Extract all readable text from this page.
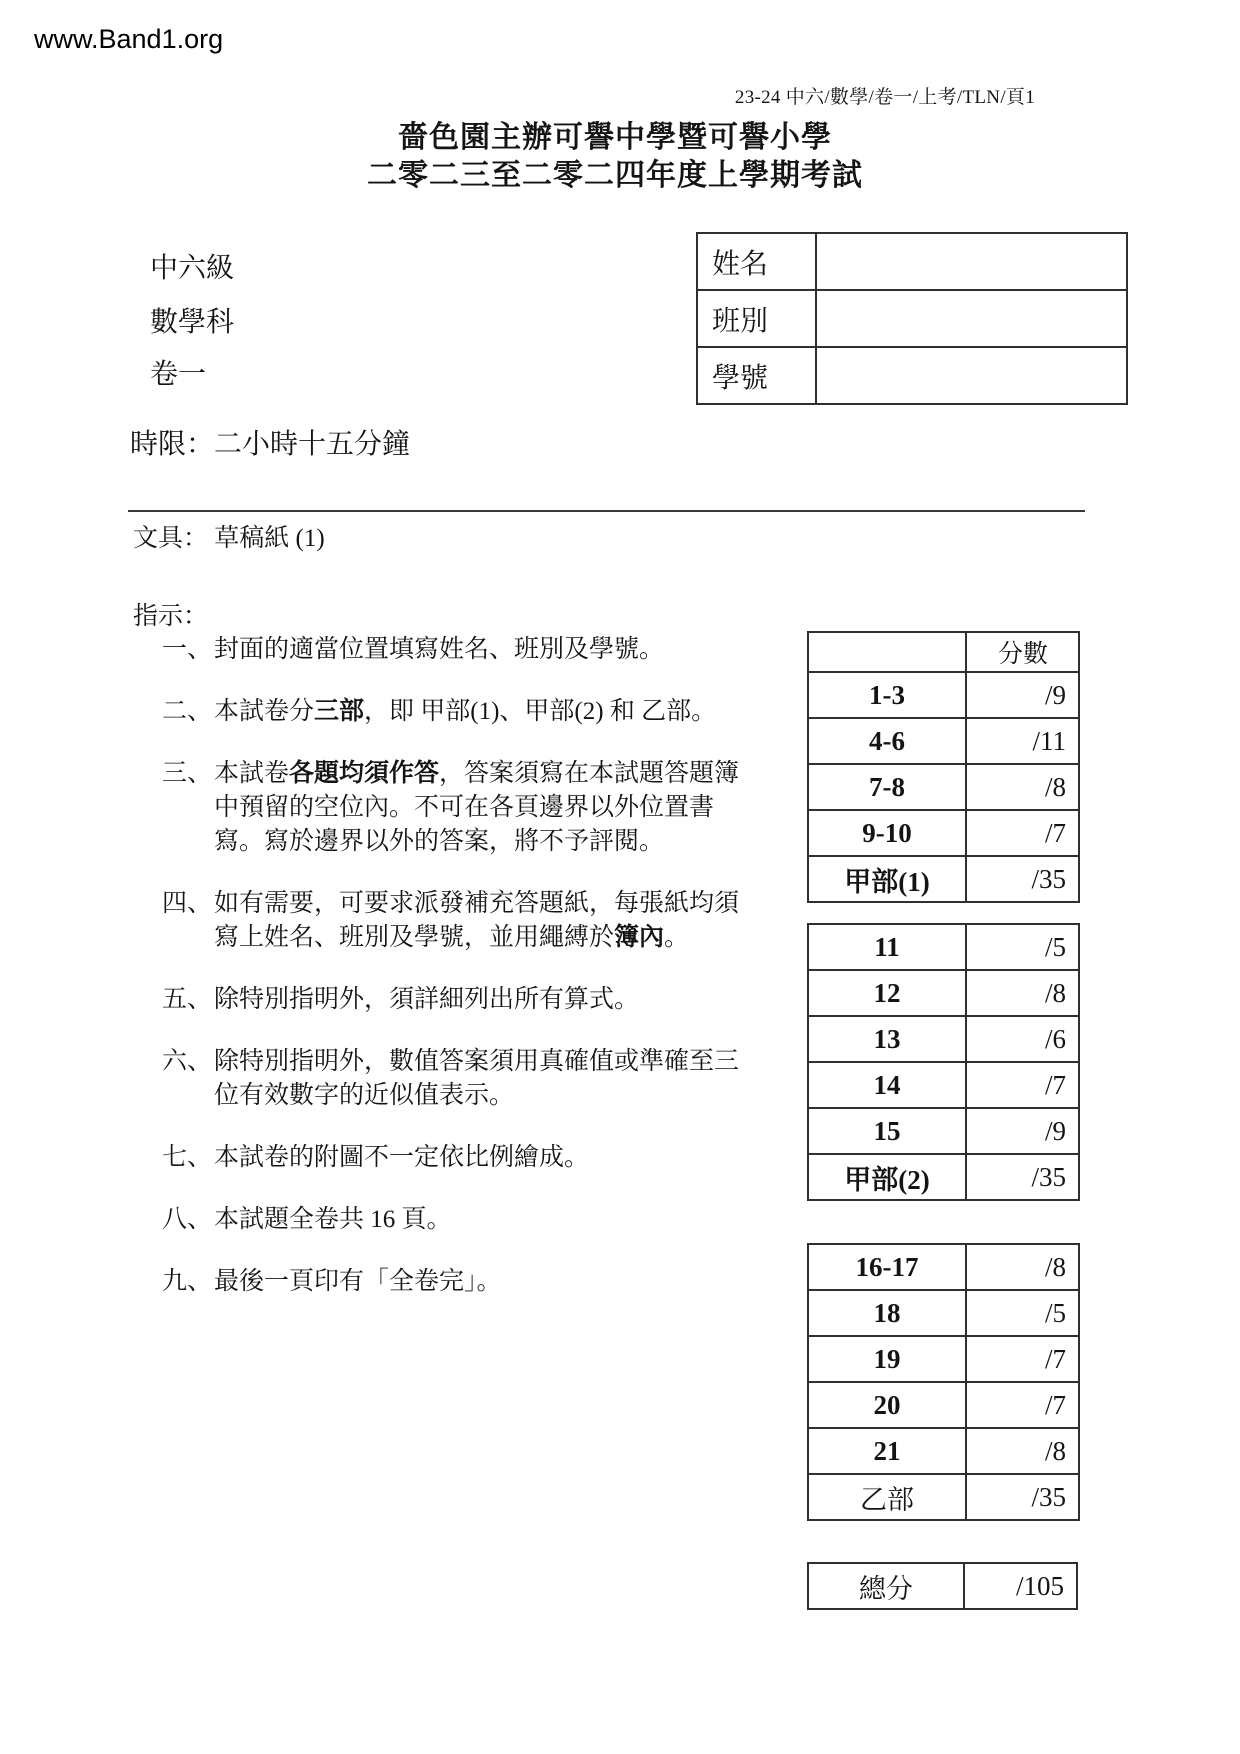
www.Band1.org
23-24 中六/數學/卷一/上考/TLN/頁1
嗇色園主辦可譽中學暨可譽小學
二零二三至二零二四年度上學期考試
中六級
數學科
卷一
姓名	
班別	
學號	
時限：二小時十五分鐘
文具： 草稿紙 (1)
指示：
一、 封面的適當位置填寫姓名、班別及學號。
二、 本試卷分三部，即 甲部(1)、甲部(2) 和 乙部。
三、 本試卷各題均須作答，答案須寫在本試題答題簿
中預留的空位內。不可在各頁邊界以外位置書
寫。寫於邊界以外的答案，將不予評閱。
四、 如有需要，可要求派發補充答題紙，每張紙均須
寫上姓名、班別及學號，並用繩縛於簿內。
五、 除特別指明外，須詳細列出所有算式。
六、 除特別指明外，數值答案須用真確值或準確至三
位有效數字的近似值表示。
七、 本試卷的附圖不一定依比例繪成。
八、 本試題全卷共 16 頁。
九、 最後一頁印有「全卷完」。
	分數
1-3	/9
4-6	/11
7-8	/8
9-10	/7
甲部(1)	/35
11	/5
12	/8
13	/6
14	/7
15	/9
甲部(2)	/35
16-17	/8
18	/5
19	/7
20	/7
21	/8
乙部	/35
總分	/105
